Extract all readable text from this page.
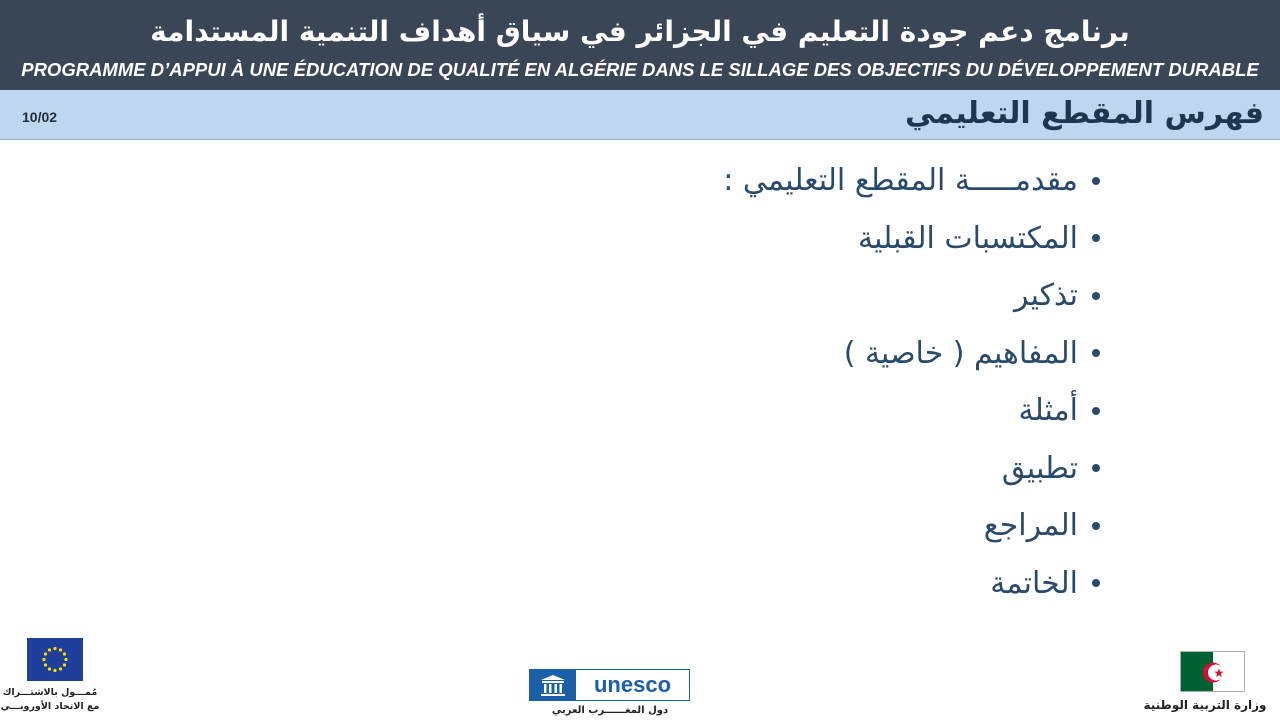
برنامج دعم جودة التعليم في الجزائر في سياق أهداف التنمية المستدامة
PROGRAMME D’APPUI À UNE ÉDUCATION DE QUALITÉ EN ALGÉRIE DANS LE SILLAGE DES OBJECTIFS DU DÉVELOPPEMENT DURABLE
10/02	فهرس المقطع التعليمي
مقدمـــــة المقطع التعليمي :
المكتسبات القبلية
تذكير
المفاهيم ( خاصية )
أمثلة
تطبيق
المراجع
الخاتمة
مُمـــول بالاشتـــراك
مع الاتحاد الأوروبـــي
unesco
دول المغــــــرب العربي	وزارة التربية الوطنية
